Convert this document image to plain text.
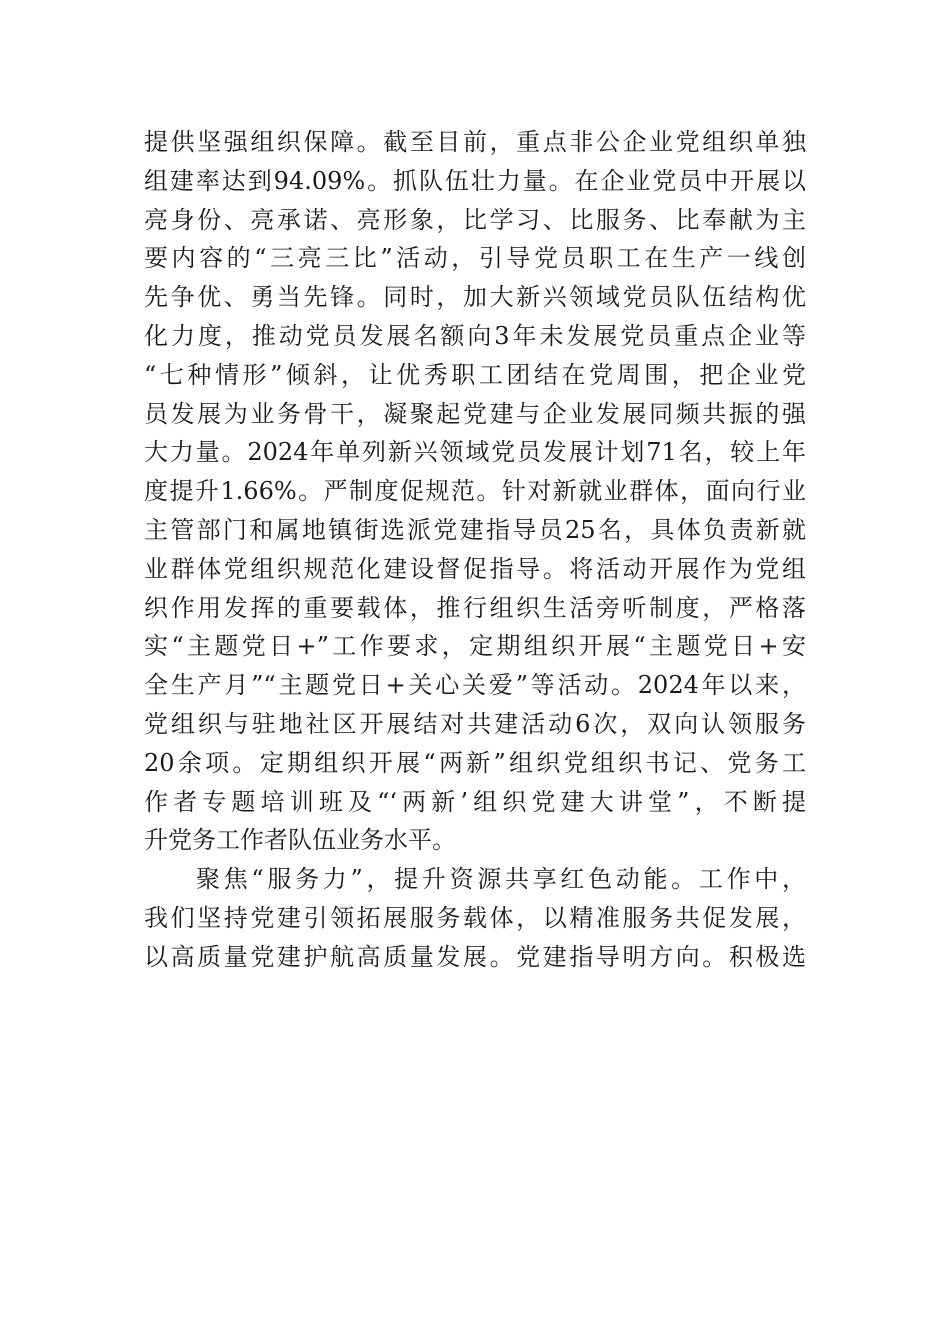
提供坚强组织保障。截至目前，重点非公企业党组织单独
组建率达到94.09%。抓队伍壮力量。在企业党员中开展以
亮身份、亮承诺、亮形象，比学习、比服务、比奉献为主
要内容的“三亮三比”活动，引导党员职工在生产一线创
先争优、勇当先锋。同时，加大新兴领域党员队伍结构优
化力度，推动党员发展名额向3年未发展党员重点企业等
“七种情形”倾斜，让优秀职工团结在党周围，把企业党
员发展为业务骨干，凝聚起党建与企业发展同频共振的强
大力量。2024年单列新兴领域党员发展计划71名，较上年
度提升1.66%。严制度促规范。针对新就业群体，面向行业
主管部门和属地镇街选派党建指导员25名，具体负责新就
业群体党组织规范化建设督促指导。将活动开展作为党组
织作用发挥的重要载体，推行组织生活旁听制度，严格落
实“主题党日+”工作要求，定期组织开展“主题党日+安
全生产月”“主题党日+关心关爱”等活动。2024年以来，
党组织与驻地社区开展结对共建活动6次，双向认领服务
20余项。定期组织开展“两新”组织党组织书记、党务工
作者专题培训班及“‘两新’组织党建大讲堂”，不断提
升党务工作者队伍业务水平。
聚焦“服务力”，提升资源共享红色动能。工作中，
我们坚持党建引领拓展服务载体，以精准服务共促发展，
以高质量党建护航高质量发展。党建指导明方向。积极选
